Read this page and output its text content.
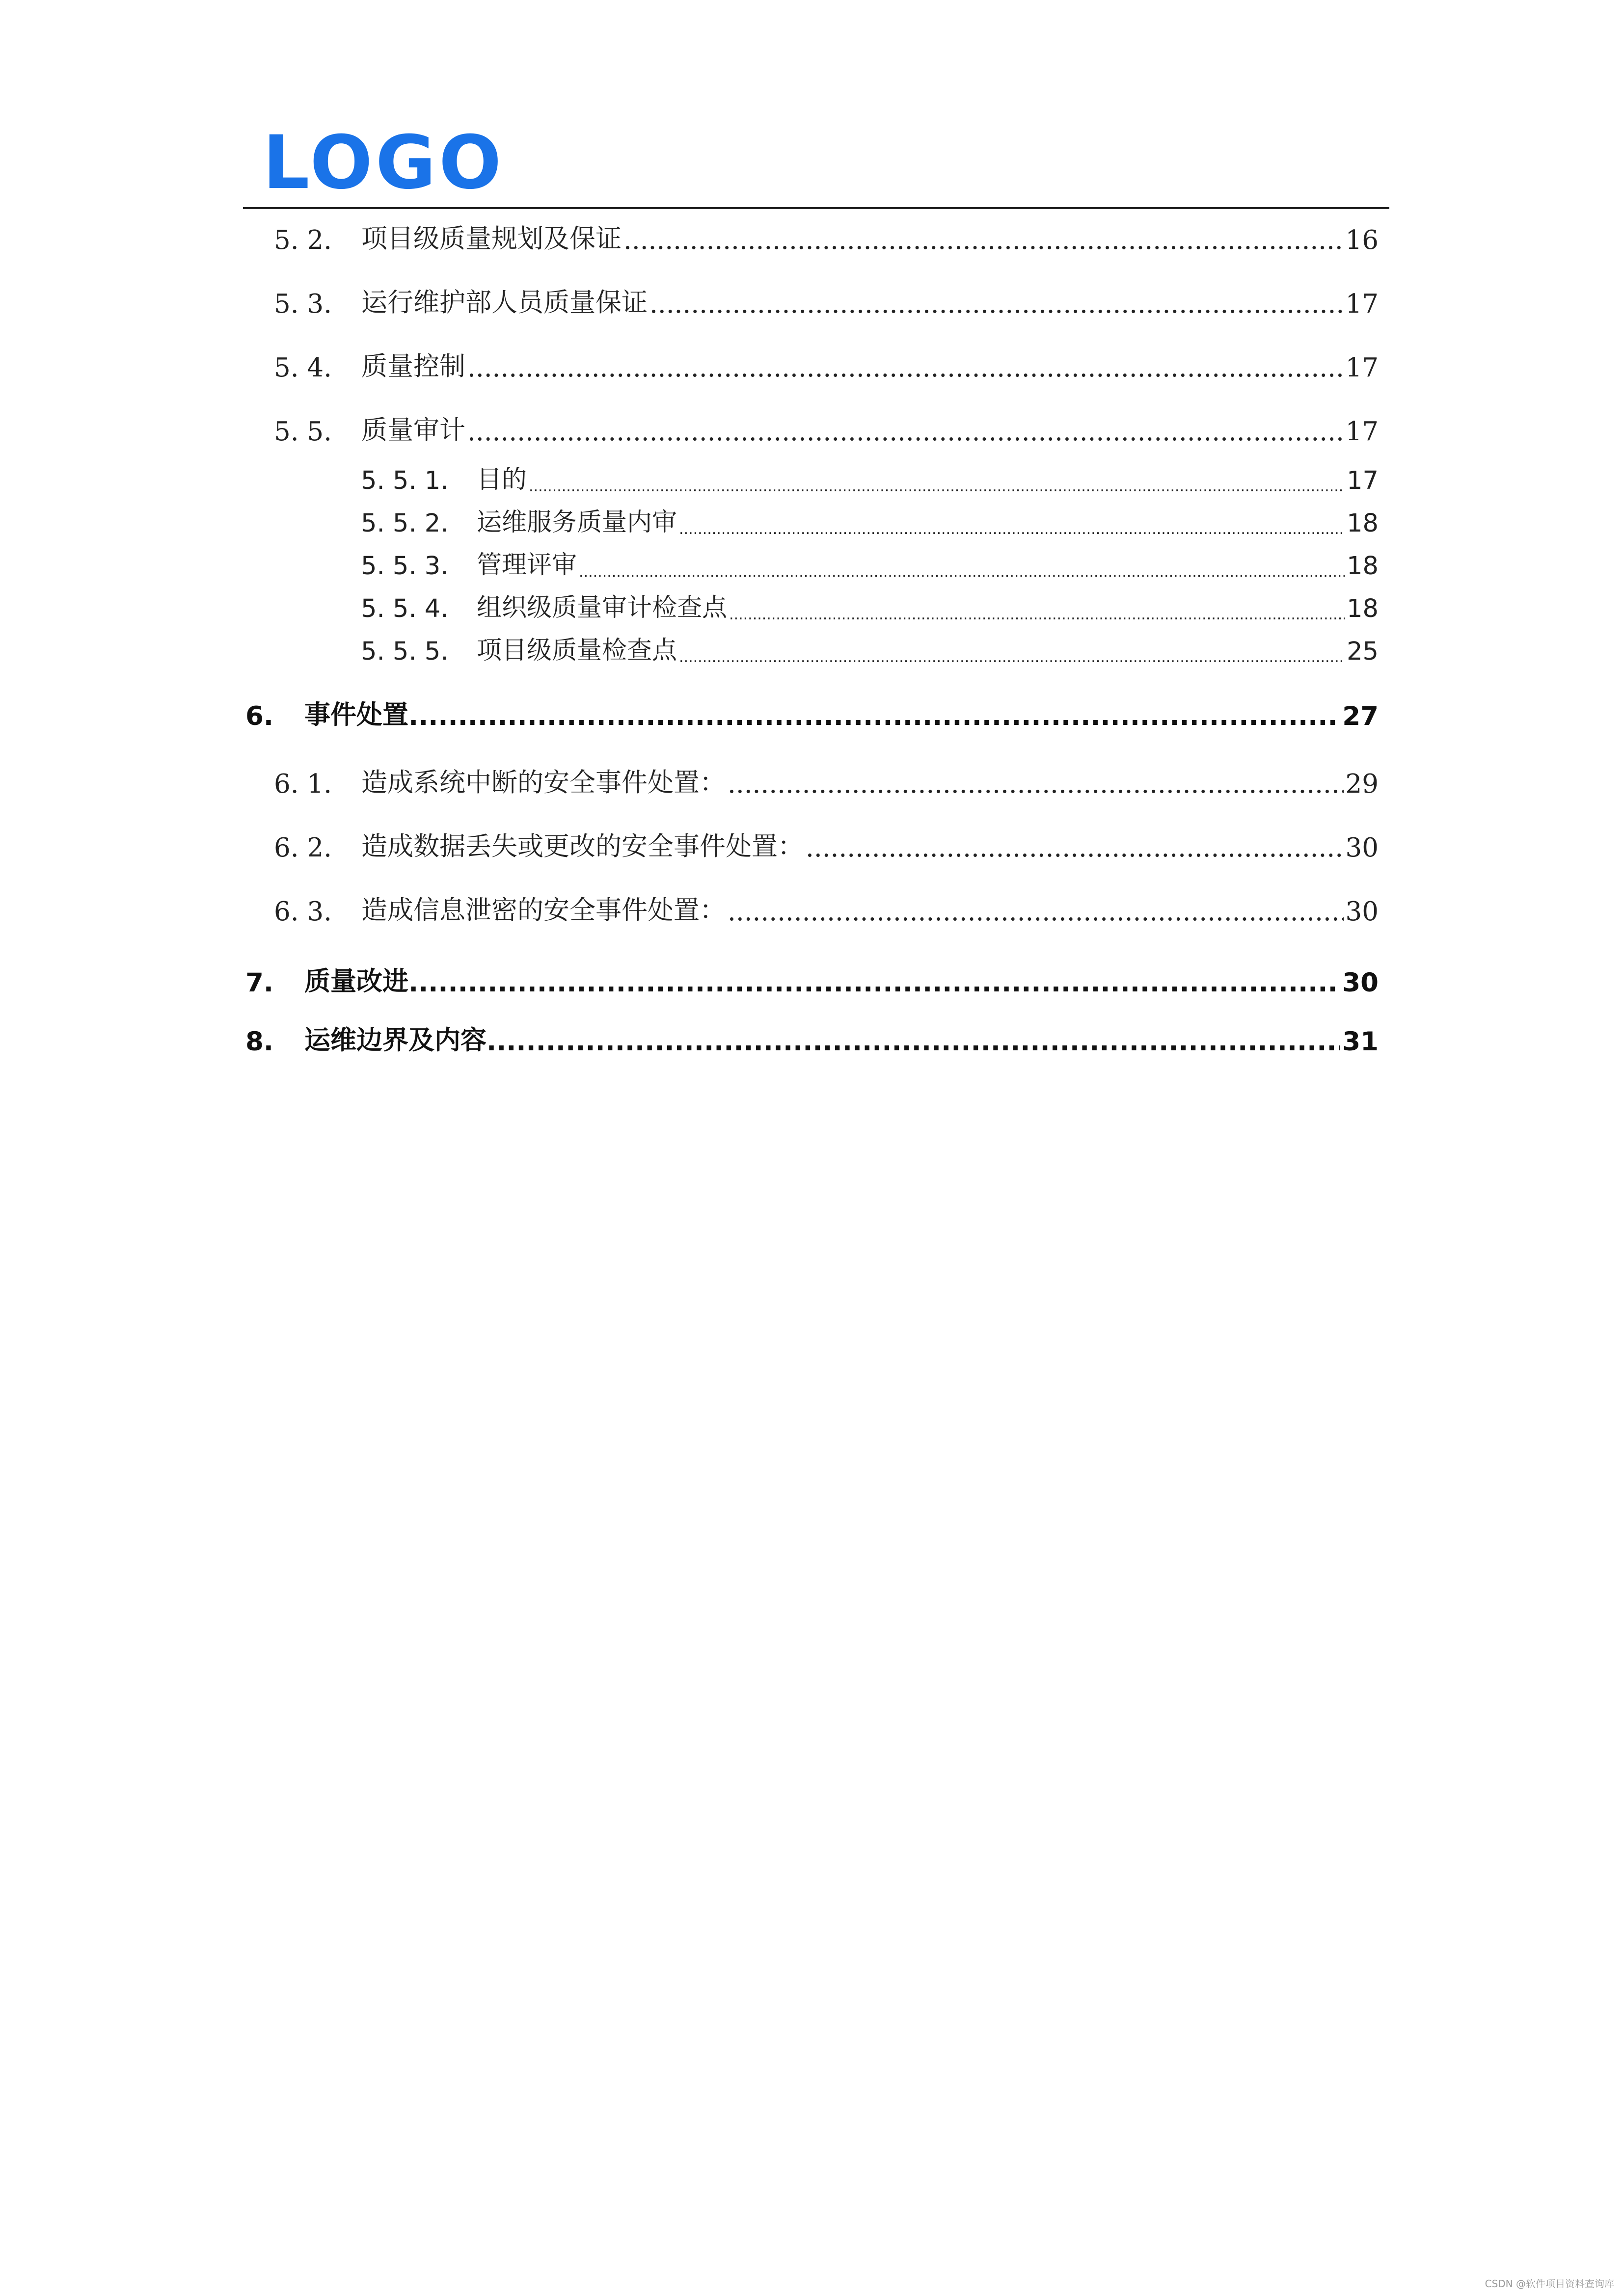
LOGO
5. 2.	项目级质量规划及保证 .....	16
5. 3.	运行维护部人员质量保证 .....	17
5. 4.	质量控制 .....	17
5. 5.	质量审计 .....	17
5. 5. 1.	目的 .....	17
5. 5. 2.	运维服务质量内审 .....	18
5. 5. 3.	管理评审 .....	18
5. 5. 4.	组织级质量审计检查点 .....	18
5. 5. 5.	项目级质量检查点 .....	25
6.	事件处置 .....	27
6. 1.	造成系统中断的安全事件处置： .....	29
6. 2.	造成数据丢失或更改的安全事件处置： .....	30
6. 3.	造成信息泄密的安全事件处置： .....	30
7.	质量改进 .....	30
8.	运维边界及内容 .....	31
CSDN @软件项目资料查询库
